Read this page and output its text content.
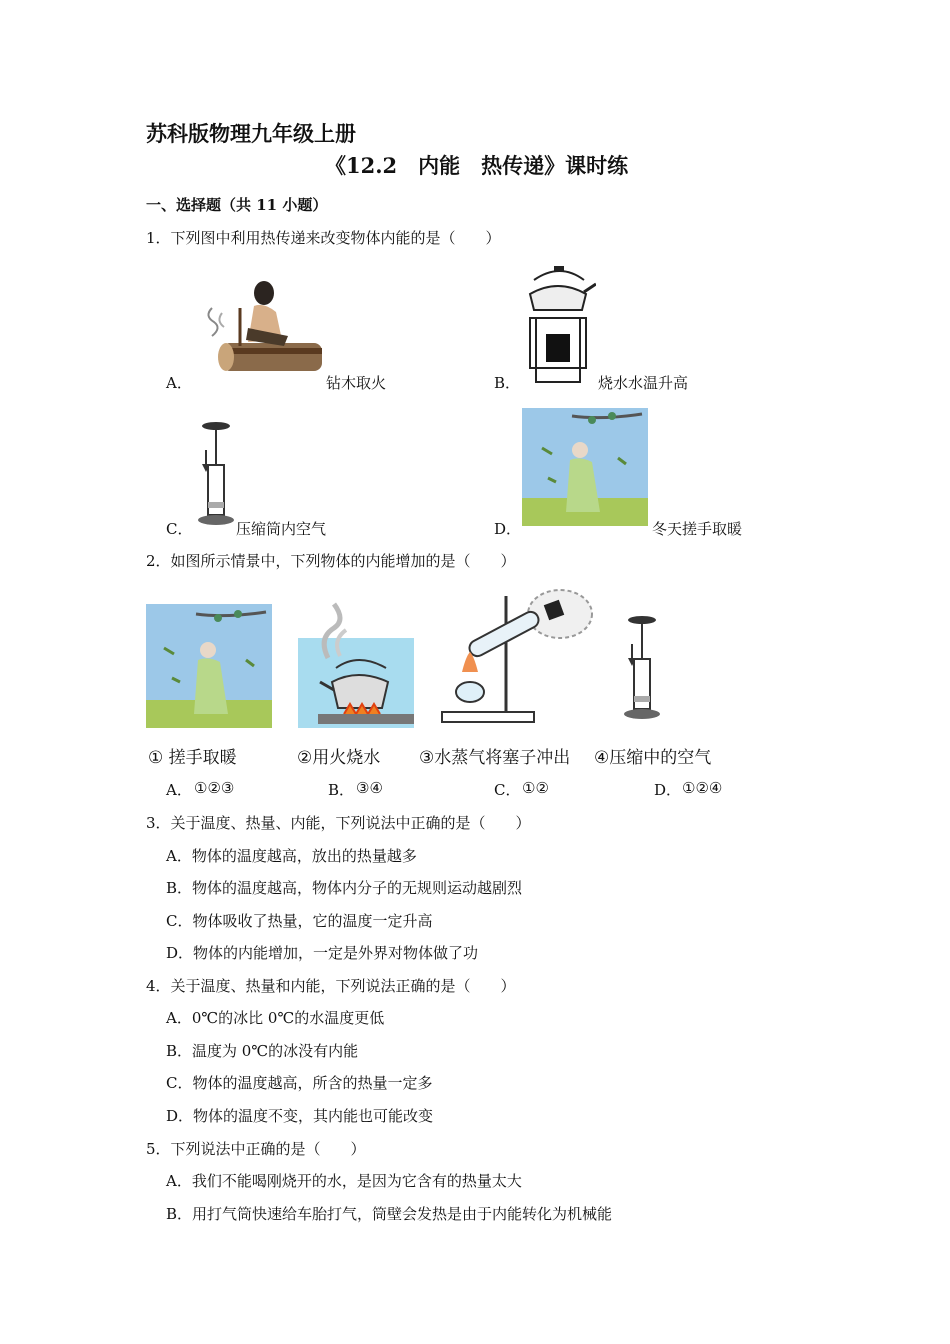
苏科版物理九年级上册
《12.2　内能　热传递》课时练
一、选择题（共 11 小题）
1．下列图中利用热传递来改变物体内能的是（　　）
A．	钻木取火	B．	烧水水温升高
C．	压缩筒内空气	D．	冬天搓手取暖
2．如图所示情景中，下列物体的内能增加的是（　　）
① 搓手取暖	②用火烧水 ③水蒸气将塞子冲出 ④压缩中的空气
A． ①②③	B． ③④	C． ①②	D． ①②④
3．关于温度、热量、内能，下列说法中正确的是（　　）
A．物体的温度越高，放出的热量越多
B．物体的温度越高，物体内分子的无规则运动越剧烈
C．物体吸收了热量，它的温度一定升高
D．物体的内能增加，一定是外界对物体做了功
4．关于温度、热量和内能，下列说法正确的是（　　）
A．0℃的冰比 0℃的水温度更低
B．温度为 0℃的冰没有内能
C．物体的温度越高，所含的热量一定多
D．物体的温度不变，其内能也可能改变
5．下列说法中正确的是（　　）
A．我们不能喝刚烧开的水，是因为它含有的热量太大
B．用打气筒快速给车胎打气，筒壁会发热是由于内能转化为机械能
